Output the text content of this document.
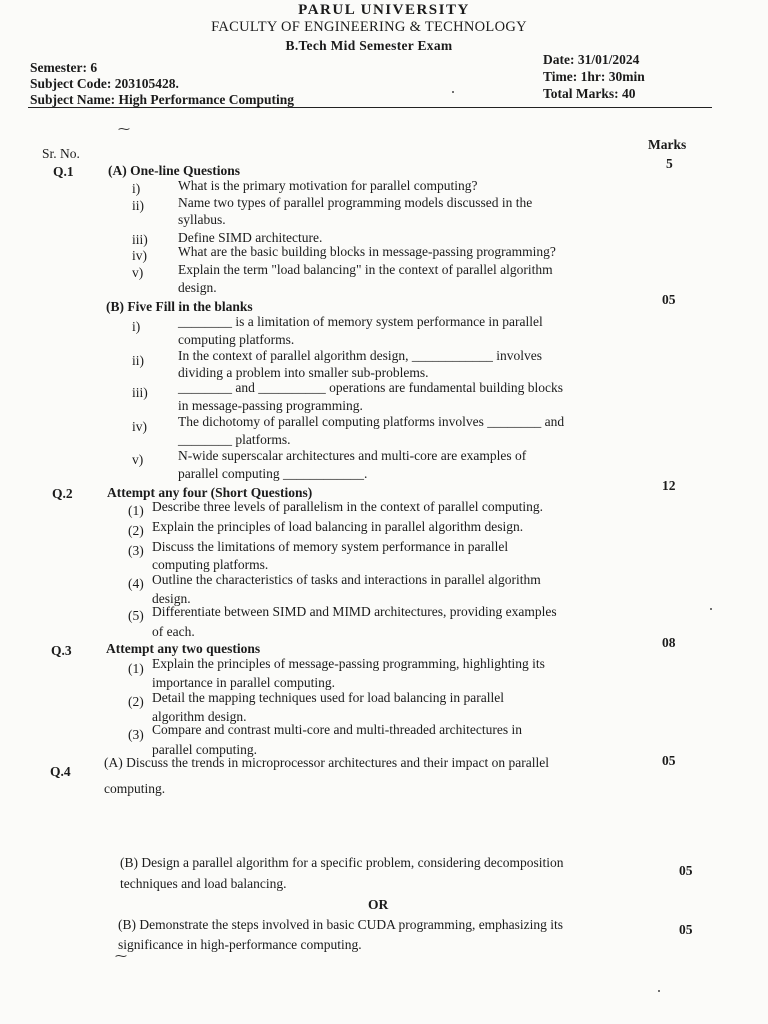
PARUL UNIVERSITY
FACULTY OF ENGINEERING & TECHNOLOGY
B.Tech Mid Semester Exam
Semester: 6
Subject Code: 203105428.
Subject Name: High Performance Computing
Date: 31/01/2024
Time: 1hr: 30min
Total Marks: 40
⁓
⁓
Sr. No.
Marks
Q.1	(A) One-line Questions	5
i)	What is the primary motivation for parallel computing?
ii)	Name two types of parallel programming models discussed in the
syllabus.
iii) Define SIMD architecture.
iv) What are the basic building blocks in message-passing programming?
v)	Explain the term "load balancing" in the context of parallel algorithm
design.
(B) Five Fill in the blanks	05
i)	________ is a limitation of memory system performance in parallel
computing platforms.
ii)	In the context of parallel algorithm design, ____________ involves
dividing a problem into smaller sub-problems.
iii) ________ and __________ operations are fundamental building blocks
in message-passing programming.
iv) The dichotomy of parallel computing platforms involves ________ and
________ platforms.
v)	N-wide superscalar architectures and multi-core are examples of
parallel computing ____________.
Q.2	Attempt any four (Short Questions)	12
(1) Describe three levels of parallelism in the context of parallel computing.
(2) Explain the principles of load balancing in parallel algorithm design.
(3) Discuss the limitations of memory system performance in parallel
computing platforms.
(4) Outline the characteristics of tasks and interactions in parallel algorithm
design.
(5) Differentiate between SIMD and MIMD architectures, providing examples
of each.
Q.3	Attempt any two questions	08
(1) Explain the principles of message-passing programming, highlighting its
importance in parallel computing.
(2) Detail the mapping techniques used for load balancing in parallel
algorithm design.
(3) Compare and contrast multi-core and multi-threaded architectures in
parallel computing.
Q.4
(A) Discuss the trends in microprocessor architectures and their impact on parallel
computing.
05
(B) Design a parallel algorithm for a specific problem, considering decomposition
techniques and load balancing.
05
OR
(B) Demonstrate the steps involved in basic CUDA programming, emphasizing its
significance in high-performance computing.
05
